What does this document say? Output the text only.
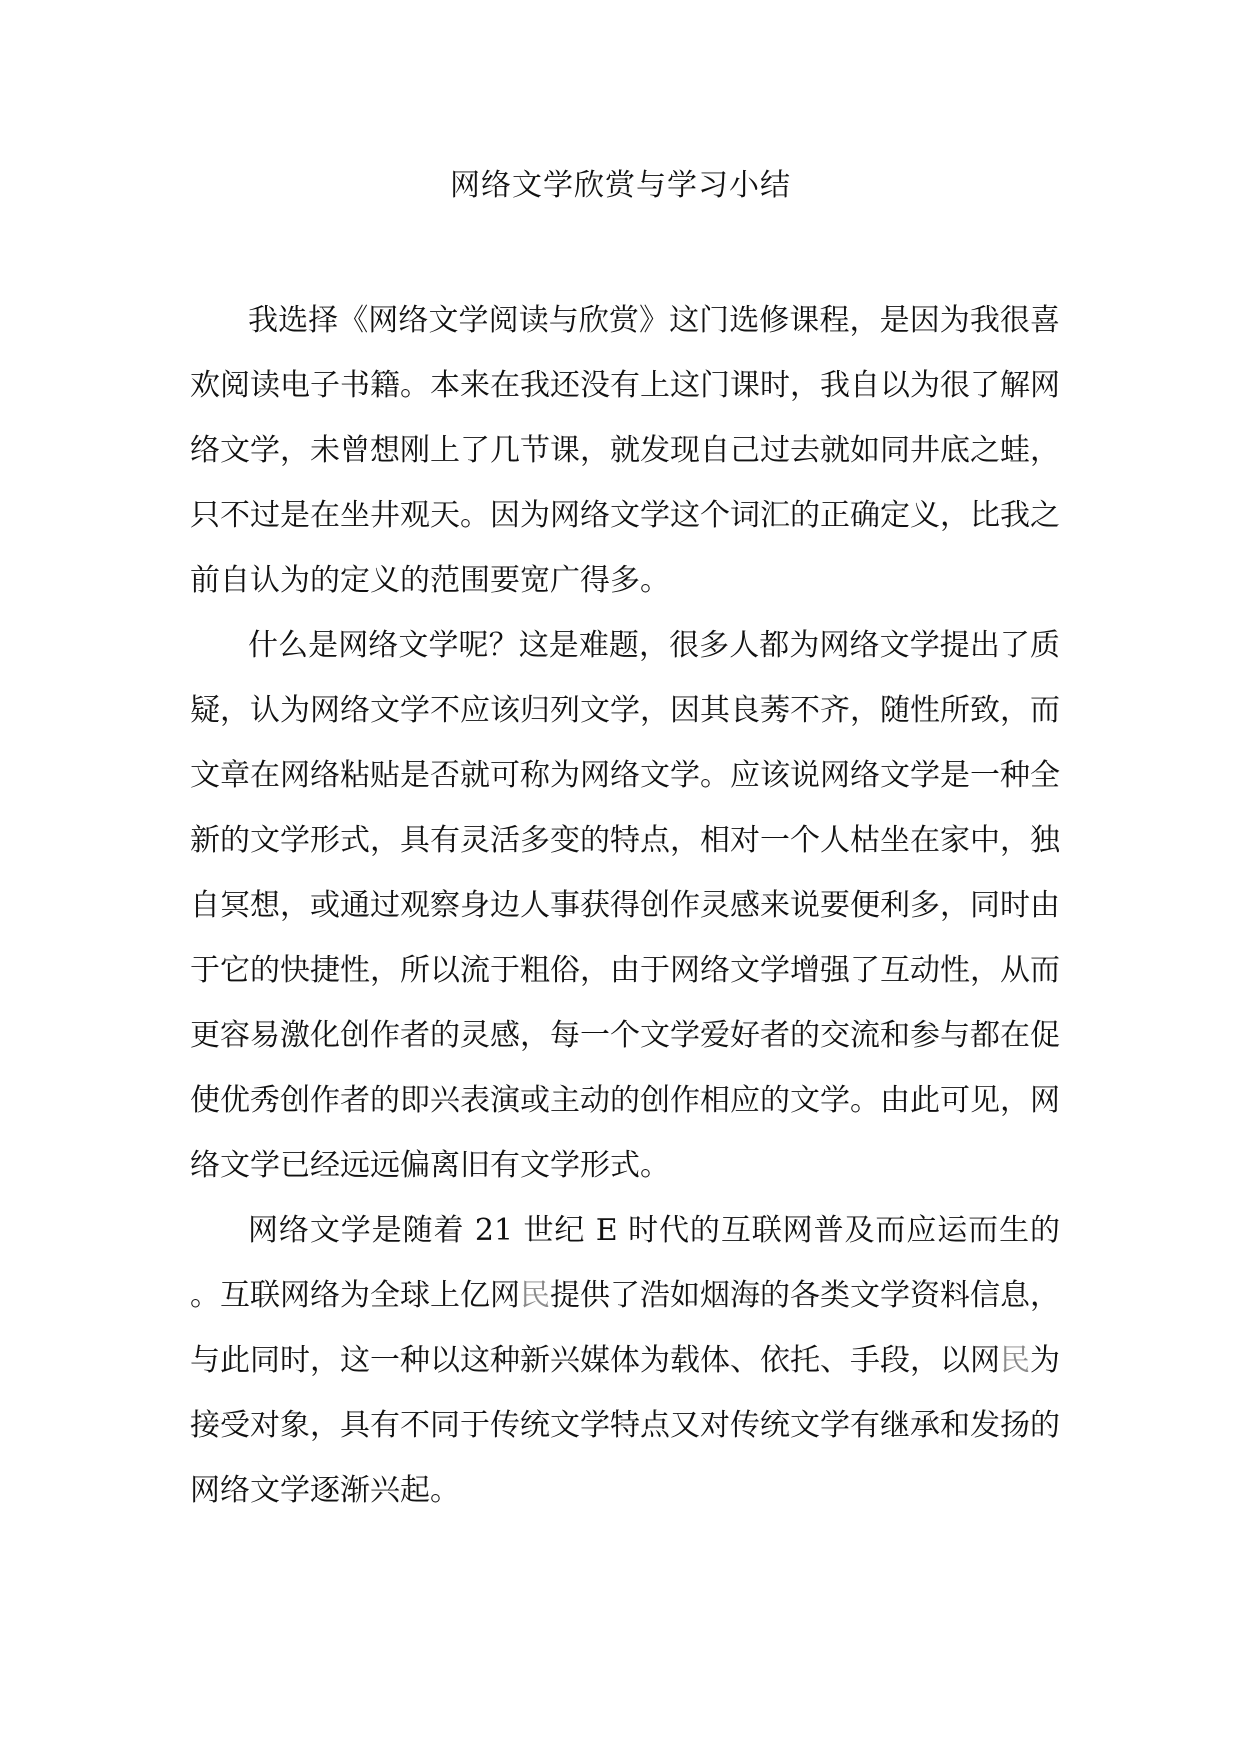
网络文学欣赏与学习小结

我选择《网络文学阅读与欣赏》这门选修课程，是因为我很喜欢阅读电子书籍。本来在我还没有上这门课时，我自以为很了解网络文学，未曾想刚上了几节课，就发现自己过去就如同井底之蛙，只不过是在坐井观天。因为网络文学这个词汇的正确定义，比我之前自认为的定义的范围要宽广得多。

什么是网络文学呢？这是难题，很多人都为网络文学提出了质疑，认为网络文学不应该归列文学，因其良莠不齐，随性所致，而文章在网络粘贴是否就可称为网络文学。应该说网络文学是一种全新的文学形式，具有灵活多变的特点，相对一个人枯坐在家中，独自冥想，或通过观察身边人事获得创作灵感来说要便利多，同时由于它的快捷性，所以流于粗俗，由于网络文学增强了互动性，从而更容易激化创作者的灵感，每一个文学爱好者的交流和参与都在促使优秀创作者的即兴表演或主动的创作相应的文学。由此可见，网络文学已经远远偏离旧有文学形式。

网络文学是随着 21 世纪 E 时代的互联网普及而应运而生的。互联网络为全球上亿网民提供了浩如烟海的各类文学资料信息，与此同时，这一种以这种新兴媒体为载体、依托、手段，以网民为接受对象，具有不同于传统文学特点又对传统文学有继承和发扬的网络文学逐渐兴起。
